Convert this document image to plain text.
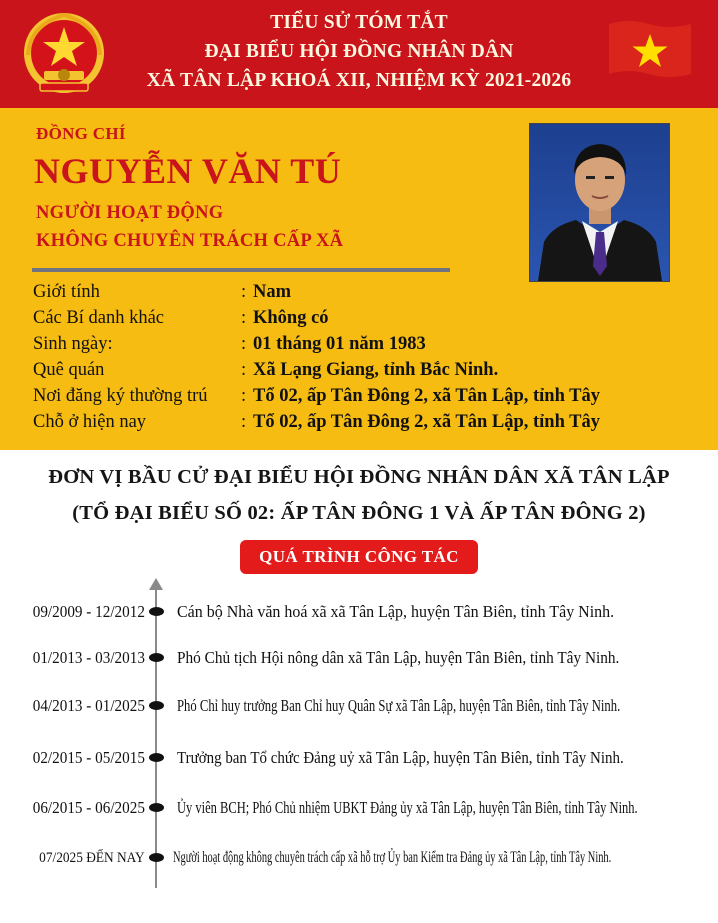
TIỂU SỬ TÓM TẮT
ĐẠI BIỂU HỘI ĐỒNG NHÂN DÂN
XÃ TÂN LẬP KHOÁ XII, NHIỆM KỲ 2021-2026
ĐỒNG CHÍ
NGUYỄN VĂN TÚ
NGƯỜI HOẠT ĐỘNG
KHÔNG CHUYÊN TRÁCH CẤP XÃ
Giới tính	: Nam
Các Bí danh khác	: Không có
Sinh ngày:	: 01 tháng 01 năm 1983
Quê quán	: Xã Lạng Giang, tỉnh Bắc Ninh.
Nơi đăng ký thường trú : Tổ 02, ấp Tân Đông 2, xã Tân Lập, tỉnh Tây
Chỗ ở hiện nay	: Tổ 02, ấp Tân Đông 2, xã Tân Lập, tỉnh Tây
ĐƠN VỊ BẦU CỬ ĐẠI BIỂU HỘI ĐỒNG NHÂN DÂN XÃ TÂN LẬP
(TỔ ĐẠI BIỂU SỐ 02: ẤP TÂN ĐÔNG 1 VÀ ẤP TÂN ĐÔNG 2)
QUÁ TRÌNH CÔNG TÁC
09/2009 - 12/2012 Cán bộ Nhà văn hoá xã xã Tân Lập, huyện Tân Biên, tỉnh Tây Ninh.
01/2013 - 03/2013 Phó Chủ tịch Hội nông dân xã Tân Lập, huyện Tân Biên, tỉnh Tây Ninh.
04/2013 - 01/2025 Phó Chỉ huy trưởng Ban Chỉ huy Quân Sự xã Tân Lập, huyện Tân Biên, tỉnh Tây Ninh.
02/2015 - 05/2015 Trưởng ban Tổ chức Đảng uỷ xã Tân Lập, huyện Tân Biên, tỉnh Tây Ninh.
06/2015 - 06/2025 Ủy viên BCH; Phó Chủ nhiệm UBKT Đảng ủy xã Tân Lập, huyện Tân Biên, tỉnh Tây Ninh.
07/2025 ĐẾN NAY Người hoạt động không chuyên trách cấp xã hỗ trợ Ủy ban Kiểm tra Đảng ủy xã Tân Lập, tỉnh Tây Ninh.
